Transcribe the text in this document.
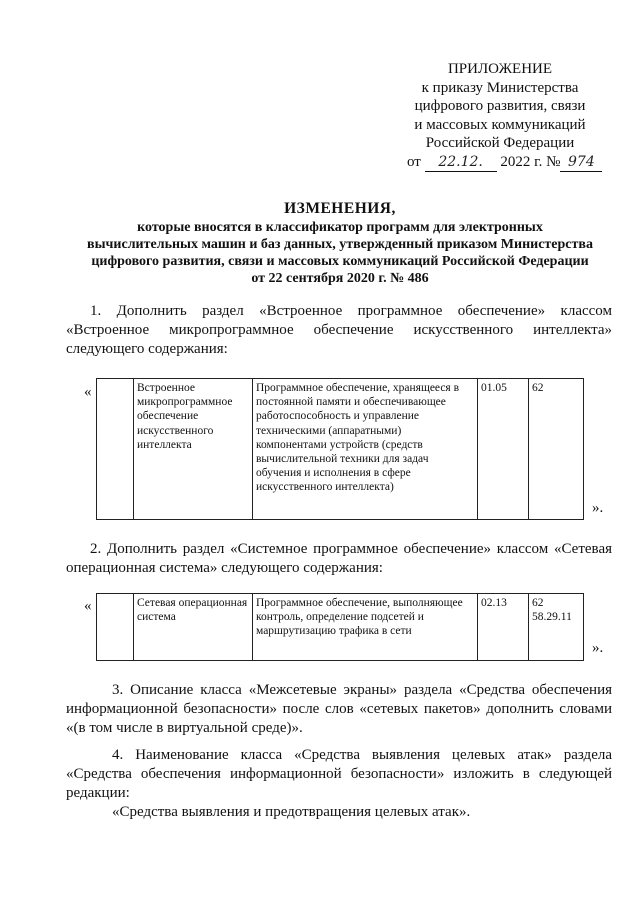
ПРИЛОЖЕНИЕ
к приказу Министерства
цифрового развития, связи
и массовых коммуникаций
Российской Федерации
от 22.12. 2022 г. № 974
ИЗМЕНЕНИЯ,
которые вносятся в классификатор программ для электронных
вычислительных машин и баз данных, утвержденный приказом Министерства
цифрового развития, связи и массовых коммуникаций Российской Федерации
от 22 сентября 2020 г. № 486
1. Дополнить раздел «Встроенное программное обеспечение» классом
«Встроенное микропрограммное обеспечение искусственного интеллекта»
следующего содержания:
«
		Встроенное микропрограммное обеспечение искусственного интеллекта	Программное обеспечение, хранящееся в постоянной памяти и обеспечивающее работоспособность и управление техническими (аппаратными) компонентами устройств (средств вычислительной техники для задач обучения и исполнения в сфере искусственного интеллекта)	01.05	62
».
2. Дополнить раздел «Системное программное обеспечение» классом «Сетевая
операционная система» следующего содержания:
«
		Сетевая операционная система	Программное обеспечение, выполняющее контроль, определение подсетей и маршрутизацию трафика в сети	02.13	62
58.29.11
».
3. Описание класса «Межсетевые экраны» раздела «Средства обеспечения
информационной безопасности» после слов «сетевых пакетов» дополнить словами
«(в том числе в виртуальной среде)».
4. Наименование класса «Средства выявления целевых атак» раздела
«Средства обеспечения информационной безопасности» изложить в следующей
редакции:
«Средства выявления и предотвращения целевых атак».
